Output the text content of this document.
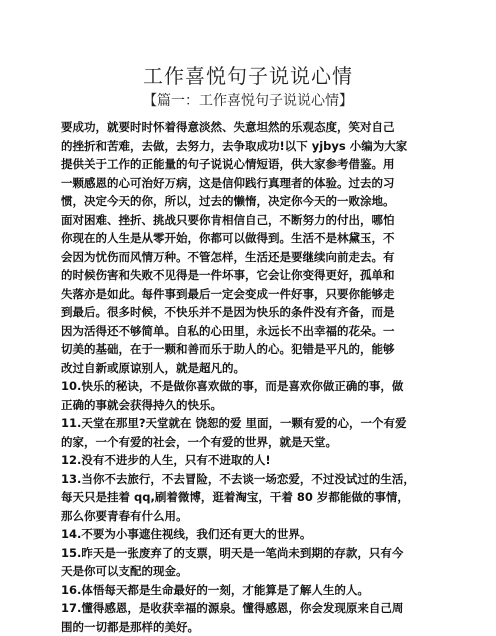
工作喜悦句子说说心情
【篇一：工作喜悦句子说说心情】
要成功，就要时时怀着得意淡然、失意坦然的乐观态度，笑对自己
的挫折和苦难，去做，去努力，去争取成功!以下 yjbys 小编为大家
提供关于工作的正能量的句子说说心情短语，供大家参考借鉴。用
一颗感恩的心可治好万病，这是信仰践行真理者的体验。过去的习
惯，决定今天的你，所以，过去的懒惰，决定你今天的一败涂地。
面对困难、挫折、挑战只要你肯相信自己，不断努力的付出，哪怕
你现在的人生是从零开始，你都可以做得到。生活不是林黛玉，不
会因为忧伤而风情万种。不管怎样，生活还是要继续向前走去。有
的时候伤害和失败不见得是一件坏事，它会让你变得更好，孤单和
失落亦是如此。每件事到最后一定会变成一件好事，只要你能够走
到最后。很多时候，不快乐并不是因为快乐的条件没有齐备，而是
因为活得还不够简单。自私的心田里，永远长不出幸福的花朵。一
切美的基础，在于一颗和善而乐于助人的心。犯错是平凡的，能够
改过自新或原谅别人，就是超凡的。
10.快乐的秘诀，不是做你喜欢做的事，而是喜欢你做正确的事，做
正确的事就会获得持久的快乐。
11.天堂在那里?天堂就在 饶恕的爱 里面，一颗有爱的心，一个有爱
的家，一个有爱的社会，一个有爱的世界，就是天堂。
12.没有不进步的人生，只有不进取的人!
13.当你不去旅行，不去冒险，不去谈一场恋爱，不过没试过的生活，
每天只是挂着 qq,刷着微博，逛着淘宝，干着 80 岁都能做的事情，
那么你要青春有什么用。
14.不要为小事遮住视线，我们还有更大的世界。
15.昨天是一张废弃了的支票，明天是一笔尚未到期的存款，只有今
天是你可以支配的现金。
16.体悟每天都是生命最好的一刻，才能算是了解人生的人。
17.懂得感恩，是收获幸福的源泉。懂得感恩，你会发现原来自己周
围的一切都是那样的美好。
